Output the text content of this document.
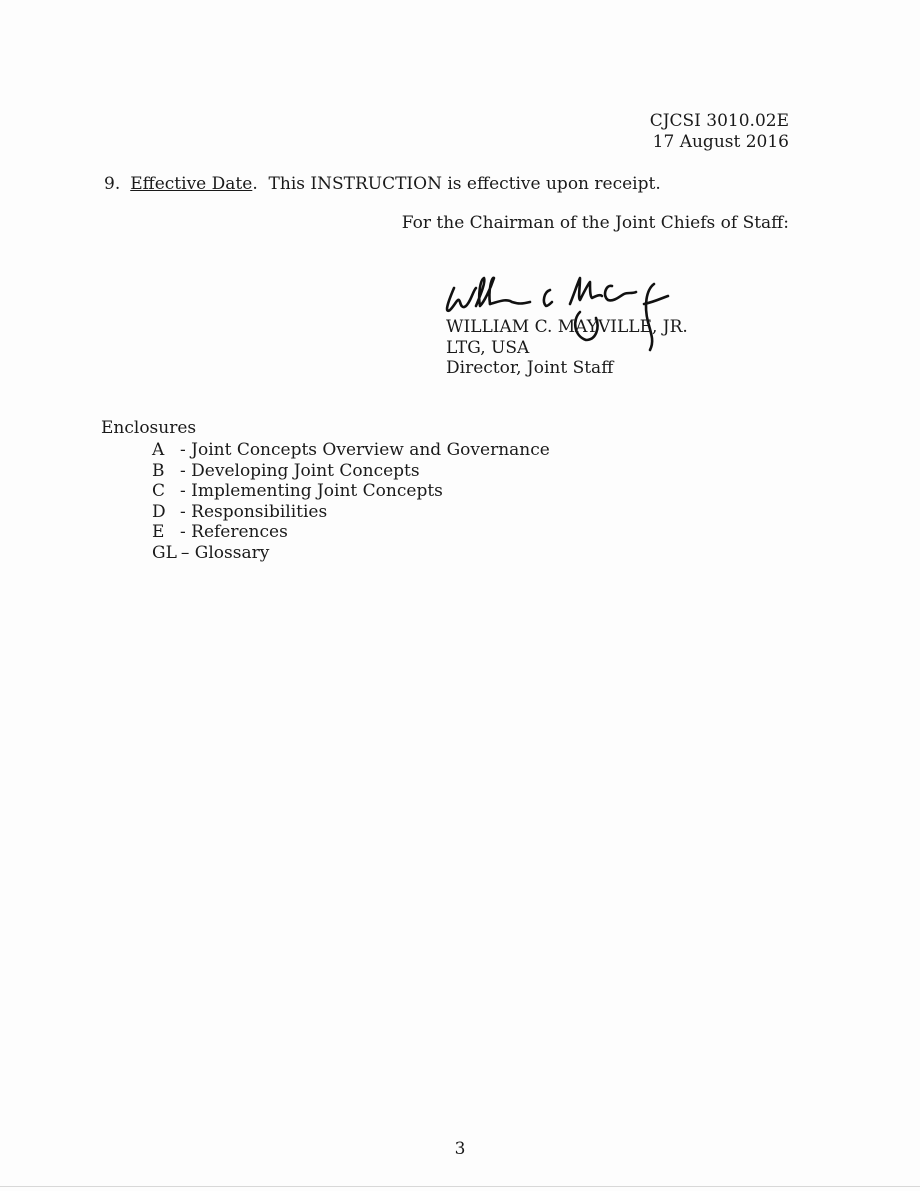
CJCSI 3010.02E
17 August 2016
9. Effective Date. This INSTRUCTION is effective upon receipt.
For the Chairman of the Joint Chiefs of Staff:
WILLIAM C. MAYVILLE, JR.
LTG, USA
Director, Joint Staff
Enclosures
A - Joint Concepts Overview and Governance
B - Developing Joint Concepts
C - Implementing Joint Concepts
D - Responsibilities
E - References
GL – Glossary
3
